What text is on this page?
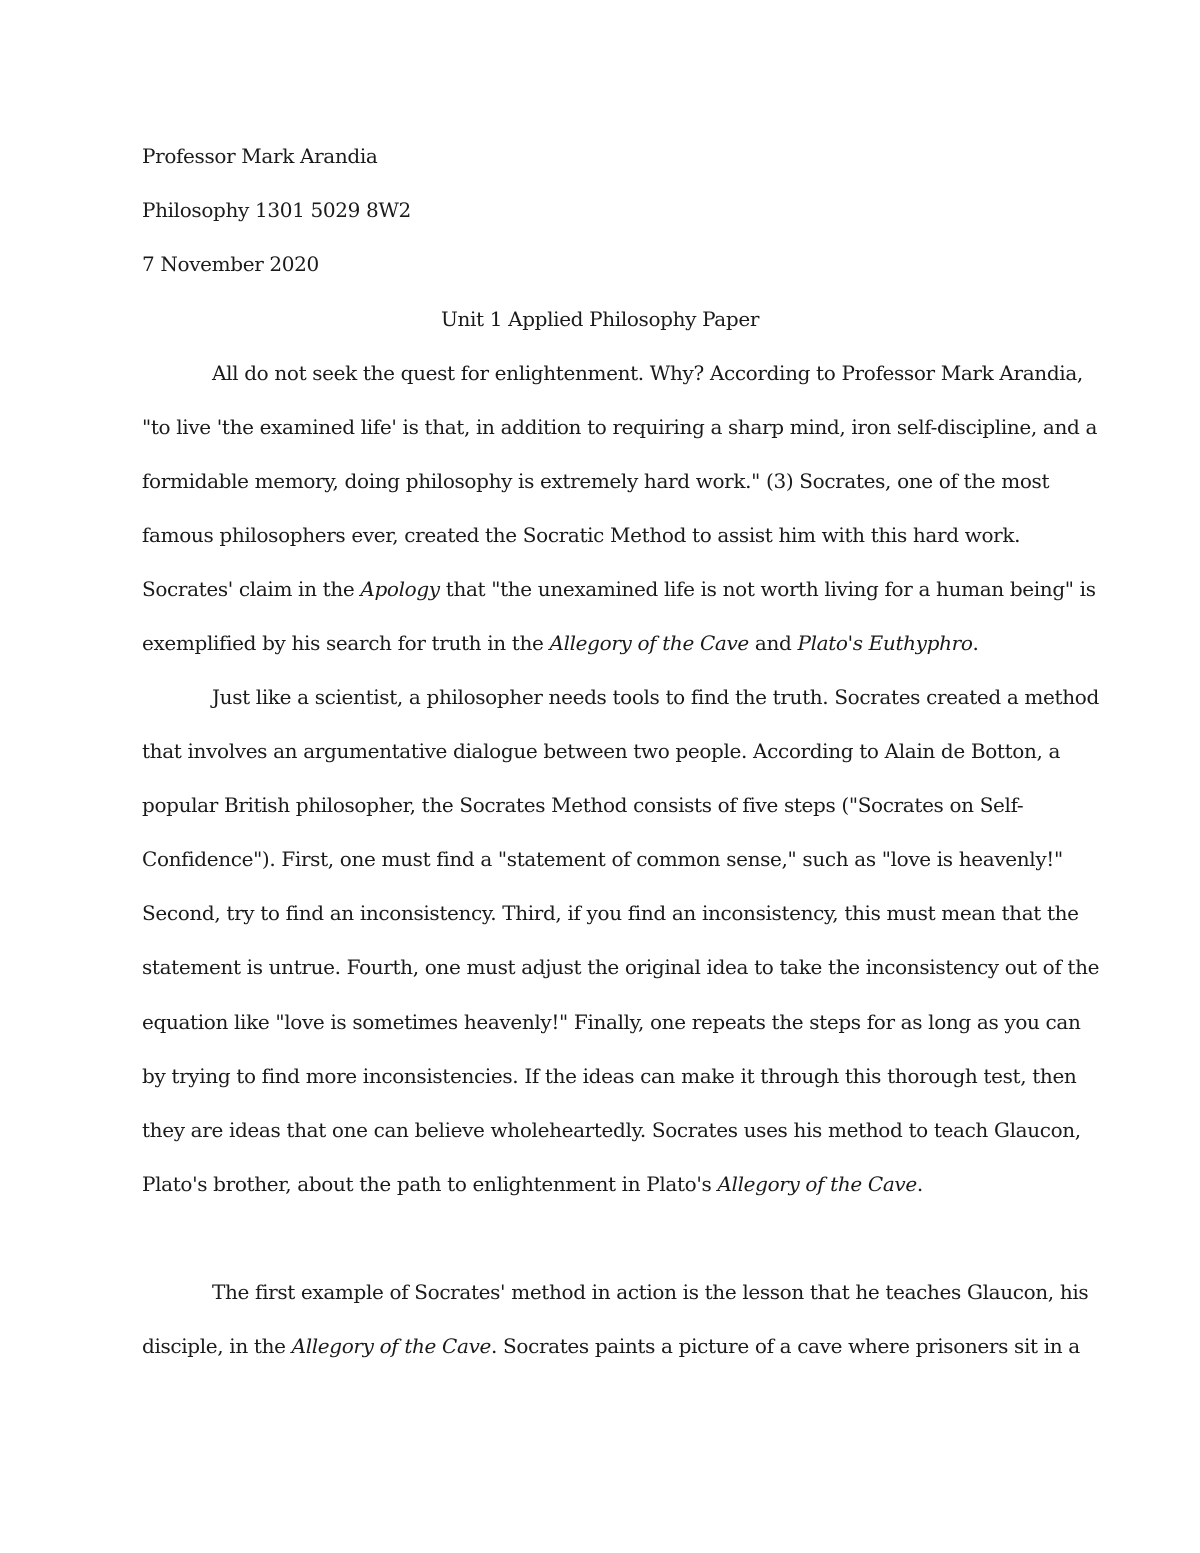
Professor Mark Arandia
Philosophy 1301 5029 8W2
7 November 2020
Unit 1 Applied Philosophy Paper
All do not seek the quest for enlightenment. Why? According to Professor Mark Arandia,
"to live 'the examined life' is that, in addition to requiring a sharp mind, iron self-discipline, and a
formidable memory, doing philosophy is extremely hard work." (3) Socrates, one of the most
famous philosophers ever, created the Socratic Method to assist him with this hard work.
Socrates' claim in the Apology that "the unexamined life is not worth living for a human being" is
exemplified by his search for truth in the Allegory of the Cave and Plato's Euthyphro.
Just like a scientist, a philosopher needs tools to find the truth. Socrates created a method
that involves an argumentative dialogue between two people. According to Alain de Botton, a
popular British philosopher, the Socrates Method consists of five steps ("Socrates on Self-
Confidence"). First, one must find a "statement of common sense," such as "love is heavenly!"
Second, try to find an inconsistency. Third, if you find an inconsistency, this must mean that the
statement is untrue. Fourth, one must adjust the original idea to take the inconsistency out of the
equation like "love is sometimes heavenly!" Finally, one repeats the steps for as long as you can
by trying to find more inconsistencies. If the ideas can make it through this thorough test, then
they are ideas that one can believe wholeheartedly. Socrates uses his method to teach Glaucon,
Plato's brother, about the path to enlightenment in Plato's Allegory of the Cave.
The first example of Socrates' method in action is the lesson that he teaches Glaucon, his
disciple, in the Allegory of the Cave. Socrates paints a picture of a cave where prisoners sit in a
